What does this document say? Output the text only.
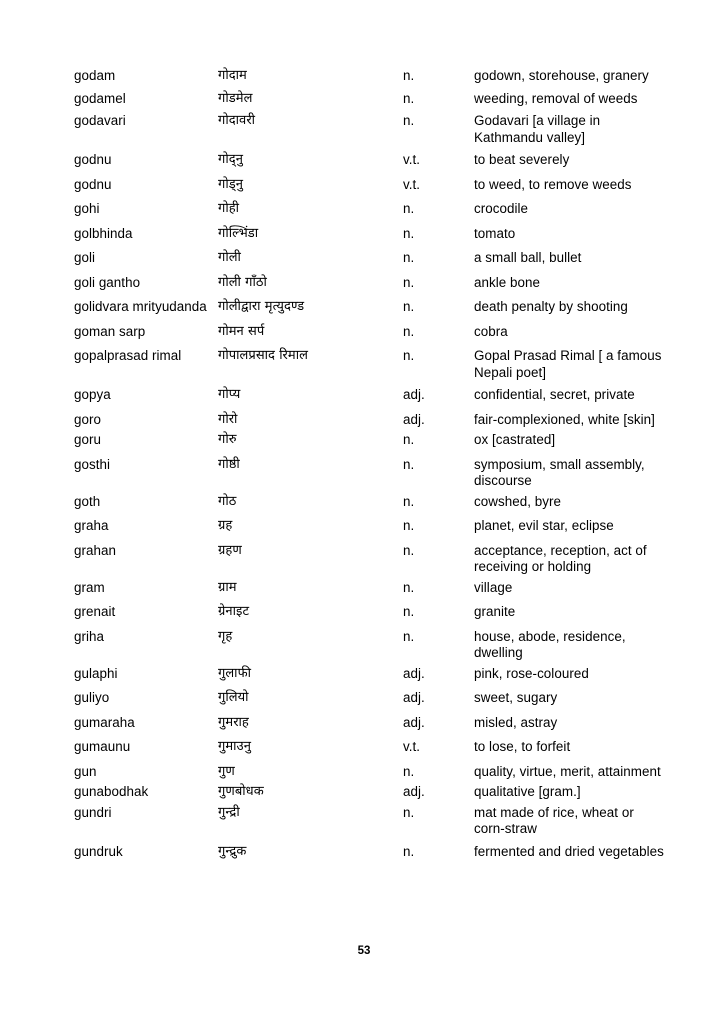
godam	गोदाम	n.	godown, storehouse, granery
godamel	गोडमेल	n.	weeding, removal of weeds
godavari	गोदावरी	n.	Godavari [a village in Kathmandu valley]
godnu	गोद्नु	v.t.	to beat severely
godnu	गोड्नु	v.t.	to weed, to remove weeds
gohi	गोही	n.	crocodile
golbhinda	गोल्भिंडा	n.	tomato
goli	गोली	n.	a small ball, bullet
goli gantho	गोली गाँठो	n.	ankle bone
golidvara mrityudanda गोलीद्वारा मृत्युदण्ड	n.	death penalty by shooting
goman sarp	गोमन सर्प	n.	cobra
gopalprasad rimal	गोपालप्रसाद रिमाल	n.	Gopal Prasad Rimal [ a famous Nepali poet]
gopya	गोप्य	adj.	confidential, secret, private
goro	गोरो	adj.	fair-complexioned, white [skin]
goru	गोरु	n.	ox [castrated]
gosthi	गोष्ठी	n.	symposium, small assembly, discourse
goth	गोठ	n.	cowshed, byre
graha	ग्रह	n.	planet, evil star, eclipse
grahan	ग्रहण	n.	acceptance, reception, act of receiving or holding
gram	ग्राम	n.	village
grenait	ग्रेनाइट	n.	granite
griha	गृह	n.	house, abode, residence, dwelling
gulaphi	गुलाफी	adj.	pink, rose-coloured
guliyo	गुलियो	adj.	sweet, sugary
gumaraha	गुमराह	adj.	misled, astray
gumaunu	गुमाउनु	v.t.	to lose, to forfeit
gun	गुण	n.	quality, virtue, merit, attainment
gunabodhak	गुणबोधक	adj.	qualitative [gram.]
gundri	गुन्द्री	n.	mat made of rice, wheat or corn-straw
gundruk	गुन्द्रुक	n.	fermented and dried vegetables
53
